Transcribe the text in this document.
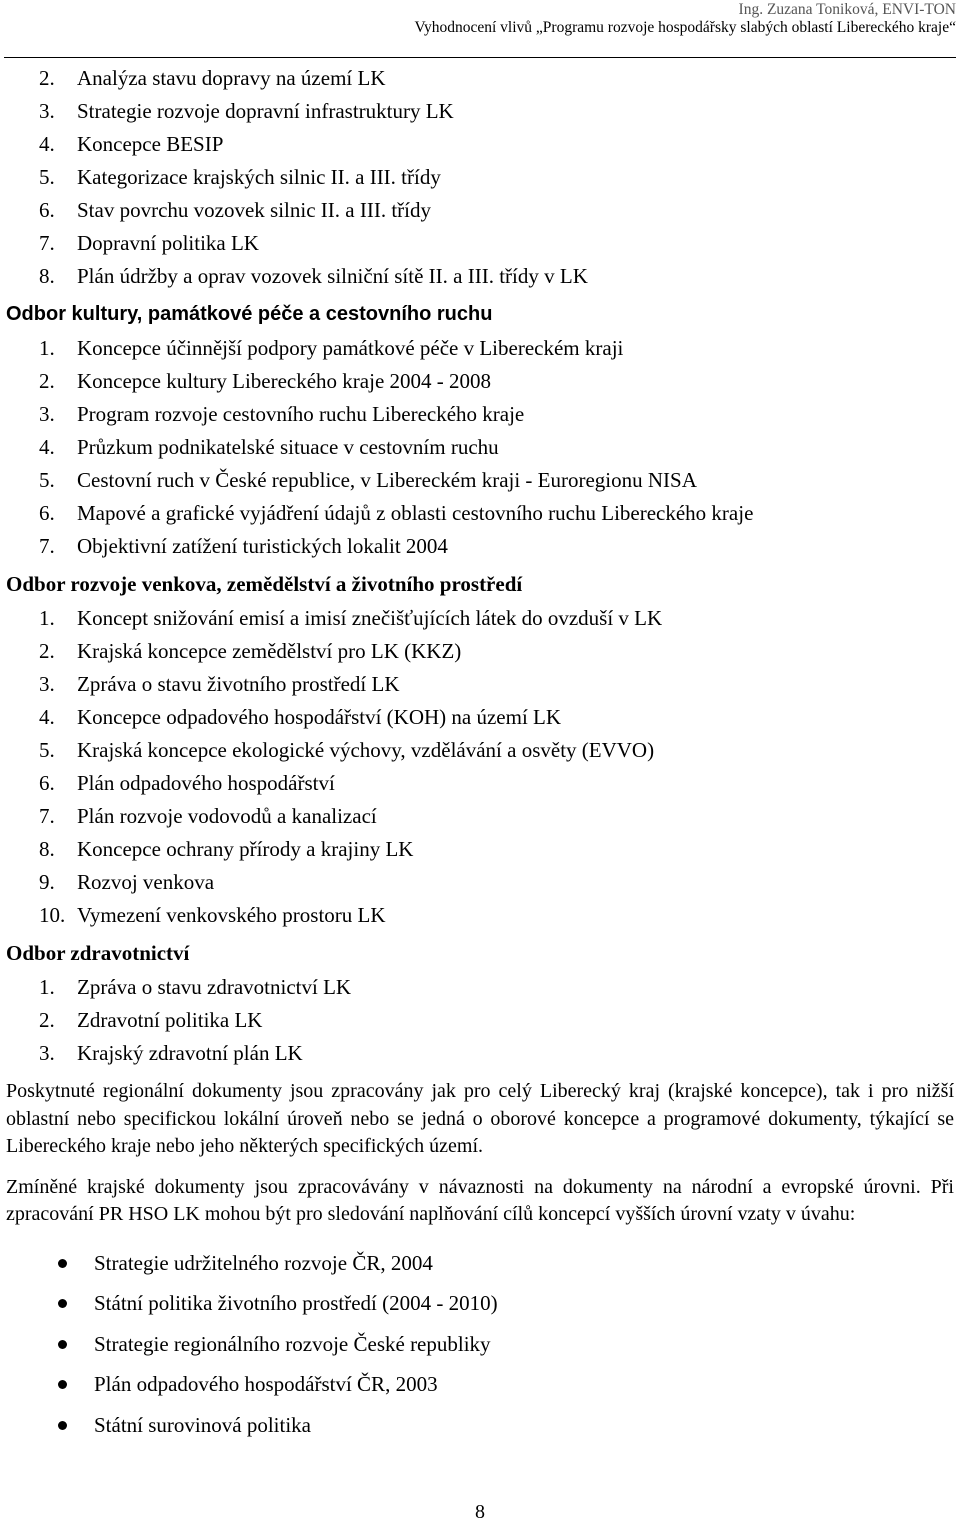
Ing. Zuzana Toniková, ENVI-TON
Vyhodnocení vlivů „Programu rozvoje hospodářsky slabých oblastí Libereckého kraje“
2. Analýza stavu dopravy na území LK
3. Strategie rozvoje dopravní infrastruktury LK
4. Koncepce BESIP
5. Kategorizace krajských silnic II. a III. třídy
6. Stav povrchu vozovek silnic II. a III. třídy
7. Dopravní politika LK
8. Plán údržby a oprav vozovek silniční sítě II. a III. třídy v LK
Odbor kultury, památkové péče a cestovního ruchu
1. Koncepce účinnější podpory památkové péče v Libereckém kraji
2. Koncepce kultury Libereckého kraje 2004 - 2008
3. Program rozvoje cestovního ruchu Libereckého kraje
4. Průzkum podnikatelské situace v cestovním ruchu
5. Cestovní ruch v České republice, v Libereckém kraji - Euroregionu NISA
6. Mapové a grafické vyjádření údajů z oblasti cestovního ruchu Libereckého kraje
7. Objektivní zatížení turistických lokalit 2004
Odbor rozvoje venkova, zemědělství a životního prostředí
1. Koncept snižování emisí a imisí znečišťujících látek do ovzduší v LK
2. Krajská koncepce zemědělství pro LK (KKZ)
3. Zpráva o stavu životního prostředí LK
4. Koncepce odpadového hospodářství (KOH) na území LK
5. Krajská koncepce ekologické výchovy, vzdělávání a osvěty (EVVO)
6. Plán odpadového hospodářství
7. Plán rozvoje vodovodů a kanalizací
8. Koncepce ochrany přírody a krajiny LK
9. Rozvoj venkova
10. Vymezení venkovského prostoru LK
Odbor zdravotnictví
1. Zpráva o stavu zdravotnictví LK
2. Zdravotní politika LK
3. Krajský zdravotní plán LK

Poskytnuté regionální dokumenty jsou zpracovány jak pro celý Liberecký kraj (krajské koncepce), tak i pro nižší oblastní nebo specifickou lokální úroveň nebo se jedná o oborové koncepce a programové dokumenty, týkající se Libereckého kraje nebo jeho některých specifických území.

Zmíněné krajské dokumenty jsou zpracovávány v návaznosti na dokumenty na národní a evropské úrovni. Při zpracování PR HSO LK mohou být pro sledování naplňování cílů koncepcí vyšších úrovní vzaty v úvahu:

Strategie udržitelného rozvoje ČR, 2004
Státní politika životního prostředí (2004 - 2010)
Strategie regionálního rozvoje České republiky
Plán odpadového hospodářství ČR, 2003
Státní surovinová politika
8
